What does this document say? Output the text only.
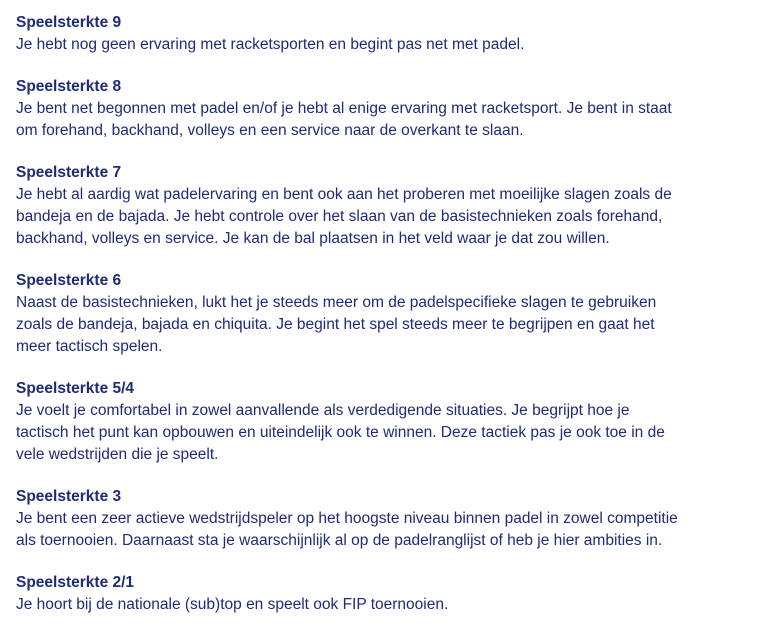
Speelsterkte 9
Je hebt nog geen ervaring met racketsporten en begint pas net met padel.
Speelsterkte 8
Je bent net begonnen met padel en/of je hebt al enige ervaring met racketsport. Je bent in staat
om forehand, backhand, volleys en een service naar de overkant te slaan.
Speelsterkte 7
Je hebt al aardig wat padelervaring en bent ook aan het proberen met moeilijke slagen zoals de
bandeja en de bajada. Je hebt controle over het slaan van de basistechnieken zoals forehand,
backhand, volleys en service. Je kan de bal plaatsen in het veld waar je dat zou willen.
Speelsterkte 6
Naast de basistechnieken, lukt het je steeds meer om de padelspecifieke slagen te gebruiken
zoals de bandeja, bajada en chiquita. Je begint het spel steeds meer te begrijpen en gaat het
meer tactisch spelen.
Speelsterkte 5/4
Je voelt je comfortabel in zowel aanvallende als verdedigende situaties. Je begrijpt hoe je
tactisch het punt kan opbouwen en uiteindelijk ook te winnen. Deze tactiek pas je ook toe in de
vele wedstrijden die je speelt.
Speelsterkte 3
Je bent een zeer actieve wedstrijdspeler op het hoogste niveau binnen padel in zowel competitie
als toernooien. Daarnaast sta je waarschijnlijk al op de padelranglijst of heb je hier ambities in.
Speelsterkte 2/1
Je hoort bij de nationale (sub)top en speelt ook FIP toernooien.
